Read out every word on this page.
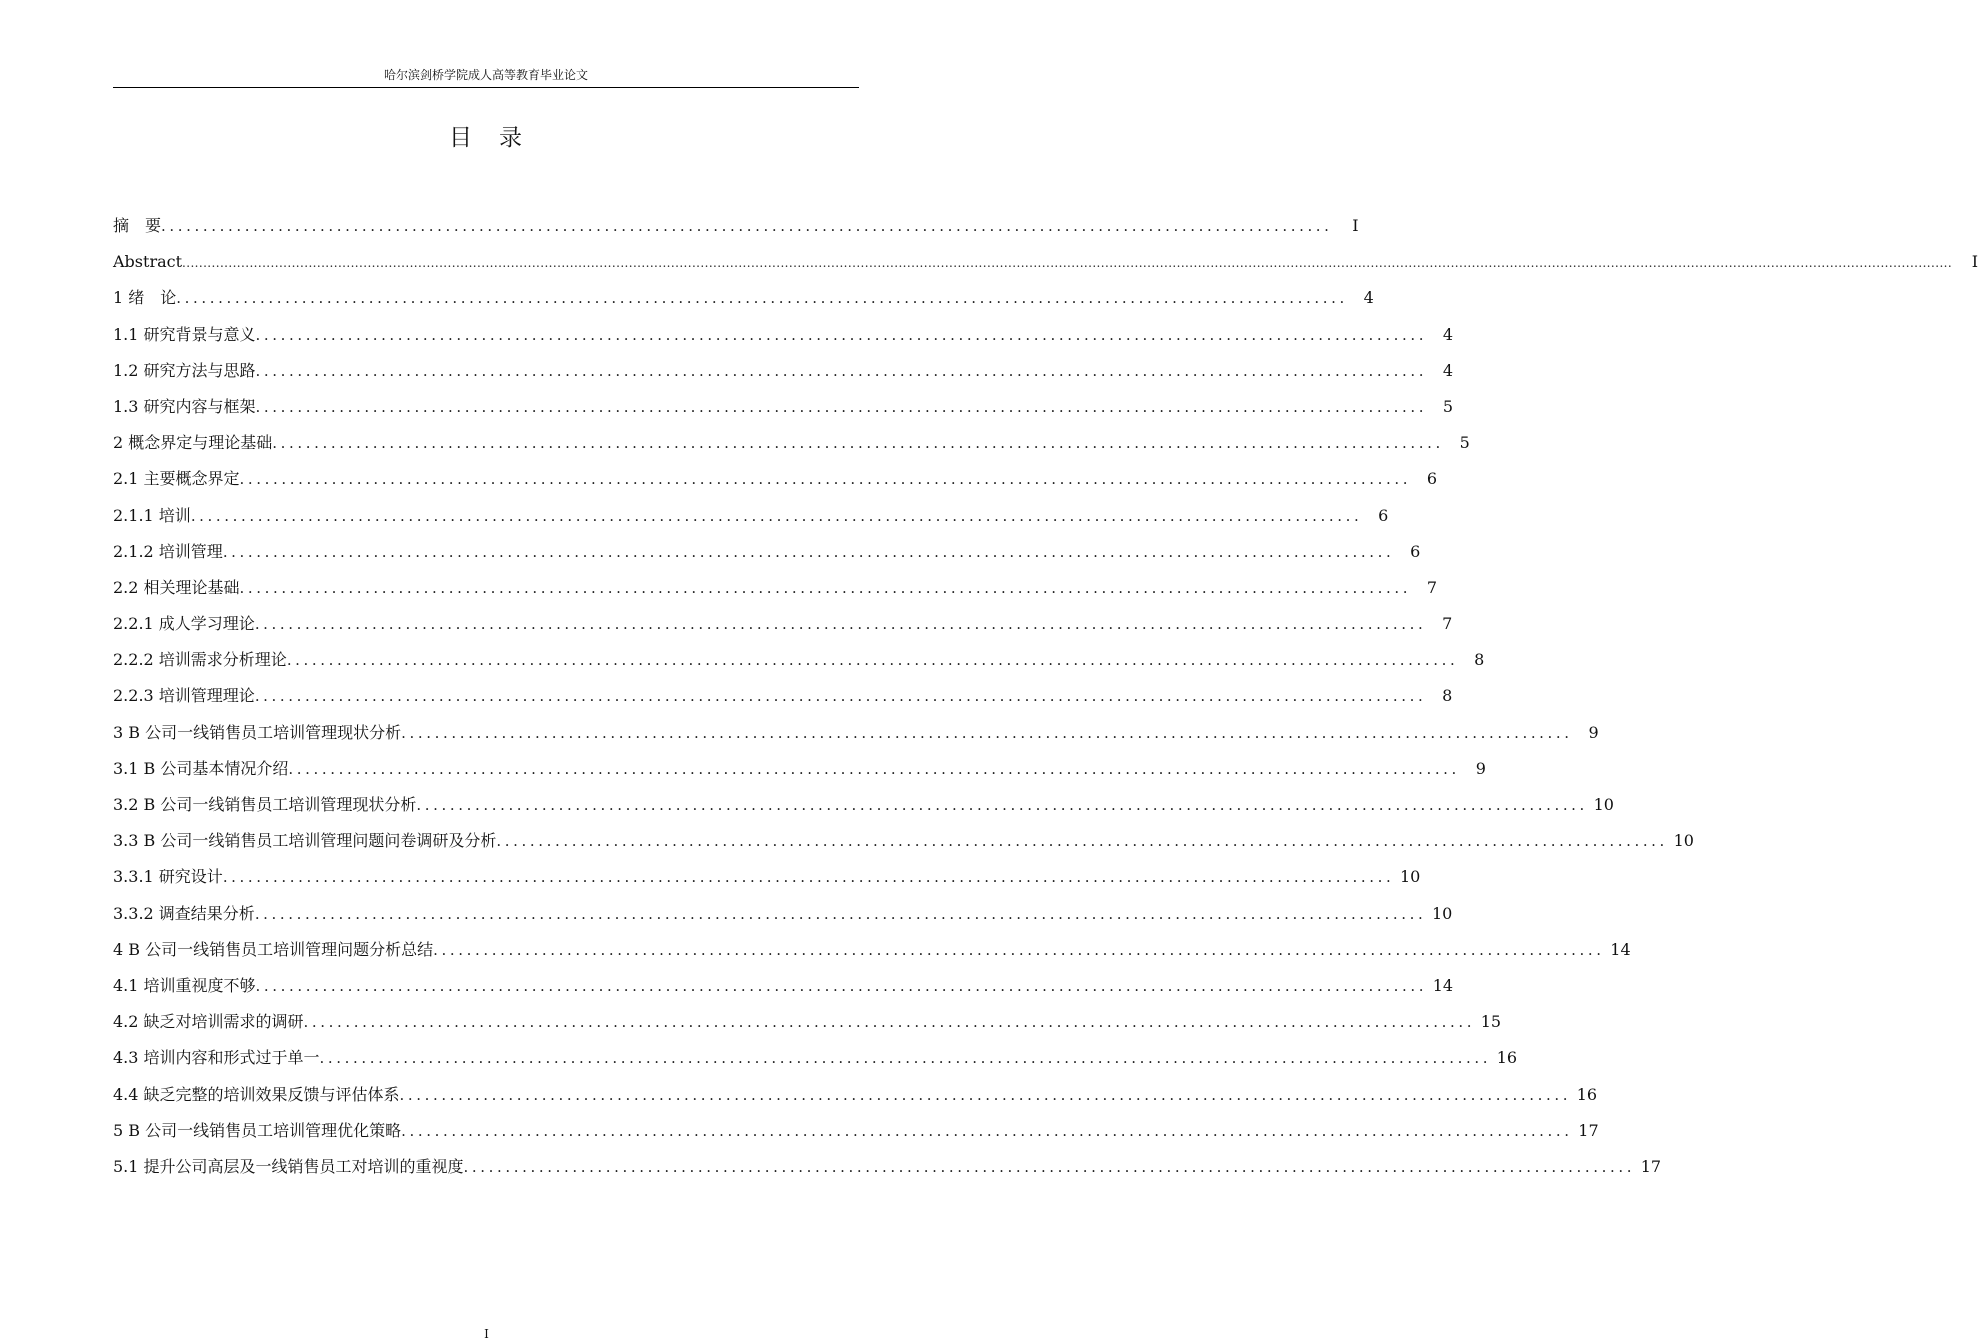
哈尔滨剑桥学院成人高等教育毕业论文
目　录
摘　要 ............................................................................................................................................	I
Abstract ....................................................................................................................................................................................................................................................................................................................................................................................................................................	I
1 绪　论 ............................................................................................................................................ 4
1.1 研究背景与意义 ............................................................................................................................................ 4
1.2 研究方法与思路 ............................................................................................................................................ 4
1.3 研究内容与框架 ............................................................................................................................................ 5
2 概念界定与理论基础 ............................................................................................................................................ 5
2.1 主要概念界定 ............................................................................................................................................ 6
2.1.1 培训 ............................................................................................................................................ 6
2.1.2 培训管理 ............................................................................................................................................ 6
2.2 相关理论基础 ............................................................................................................................................ 7
2.2.1 成人学习理论 ............................................................................................................................................ 7
2.2.2 培训需求分析理论 ............................................................................................................................................ 8
2.2.3 培训管理理论 ............................................................................................................................................ 8
3 B 公司一线销售员工培训管理现状分析 ............................................................................................................................................ 9
3.1 B 公司基本情况介绍 ............................................................................................................................................ 9
3.2 B 公司一线销售员工培训管理现状分析 ............................................................................................................................................ 10
3.3 B 公司一线销售员工培训管理问题问卷调研及分析 ............................................................................................................................................ 10
3.3.1 研究设计 ............................................................................................................................................ 10
3.3.2 调查结果分析 ............................................................................................................................................ 10
4 B 公司一线销售员工培训管理问题分析总结 ............................................................................................................................................ 14
4.1 培训重视度不够 ............................................................................................................................................ 14
4.2 缺乏对培训需求的调研 ............................................................................................................................................ 15
4.3 培训内容和形式过于单一 ............................................................................................................................................ 16
4.4 缺乏完整的培训效果反馈与评估体系 ............................................................................................................................................ 16
5 B 公司一线销售员工培训管理优化策略 ............................................................................................................................................ 17
5.1 提升公司高层及一线销售员工对培训的重视度 ............................................................................................................................................ 17
I
